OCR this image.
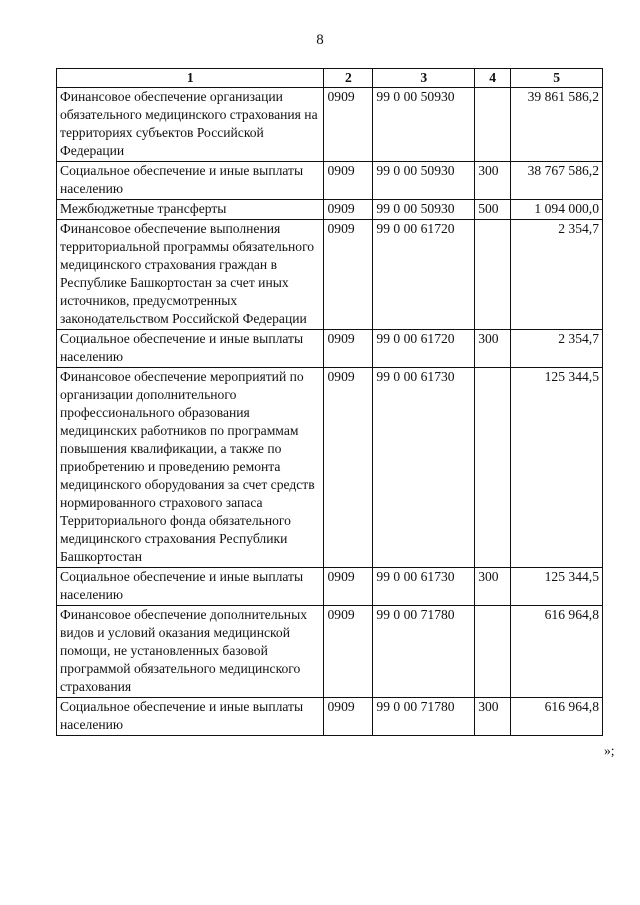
8
1	2	3	4	5
Финансовое обеспечение организации обязательного медицинского страхования на территориях субъектов Российской Федерации	0909	99 0 00 50930		39 861 586,2
Социальное обеспечение и иные выплаты населению	0909	99 0 00 50930	300	38 767 586,2
Межбюджетные трансферты	0909	99 0 00 50930	500	1 094 000,0
Финансовое обеспечение выполнения территориальной программы обязательного медицинского страхования граждан в Республике Башкортостан за счет иных источников, предусмотренных законодательством Российской Федерации	0909	99 0 00 61720		2 354,7
Социальное обеспечение и иные выплаты населению	0909	99 0 00 61720	300	2 354,7
Финансовое обеспечение мероприятий по организации дополнительного профессионального образования медицинских работников по программам повышения квалификации, а также по приобретению и проведению ремонта медицинского оборудования за счет средств нормированного страхового запаса Территориального фонда обязательного медицинского страхования Республики Башкортостан	0909	99 0 00 61730		125 344,5
Социальное обеспечение и иные выплаты населению	0909	99 0 00 61730	300	125 344,5
Финансовое обеспечение дополнительных видов и условий оказания медицинской помощи, не установленных базовой программой обязательного медицинского страхования	0909	99 0 00 71780		616 964,8
Социальное обеспечение и иные выплаты населению	0909	99 0 00 71780	300	616 964,8
»;
